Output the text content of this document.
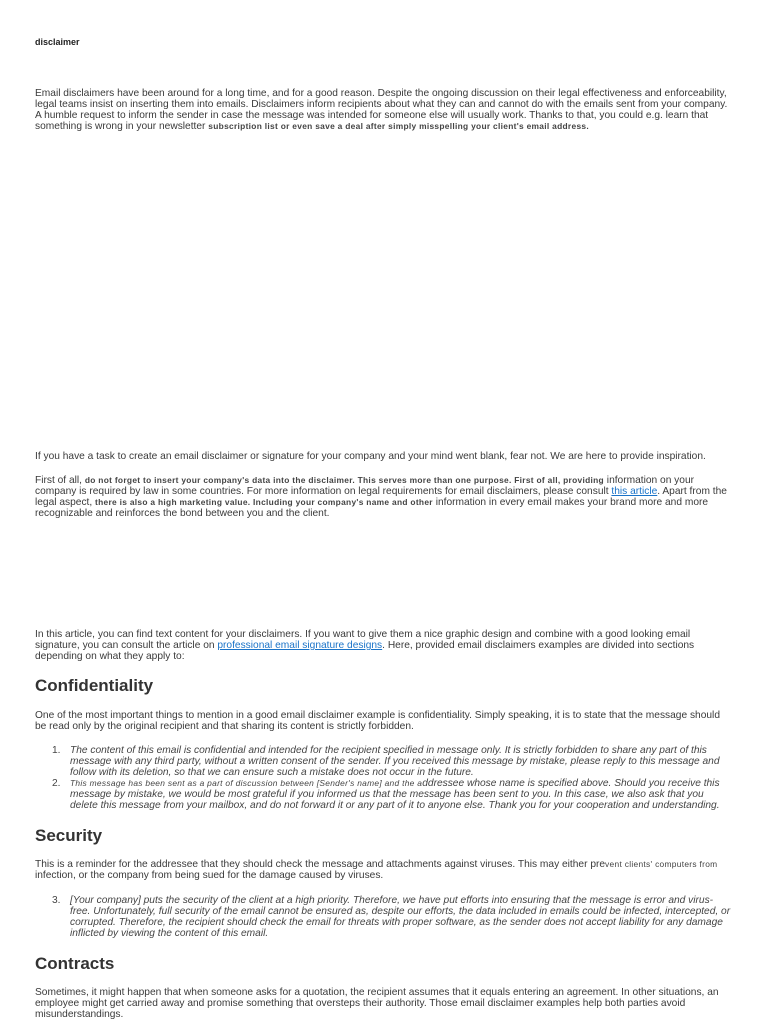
disclaimer

Email disclaimers have been around for a long time, and for a good reason. Despite the ongoing discussion on their legal effectiveness and enforceability, legal teams insist on inserting them into emails. Disclaimers inform recipients about what they can and cannot do with the emails sent from your company. A humble request to inform the sender in case the message was intended for someone else will usually work. Thanks to that, you could e.g. learn that something is wrong in your newsletter subscription list or even save a deal after simply misspelling your client's email address.

If you have a task to create an email disclaimer or signature for your company and your mind went blank, fear not. We are here to provide inspiration.

First of all, do not forget to insert your company's data into the disclaimer. This serves more than one purpose. First of all, providing information on your company is required by law in some countries. For more information on legal requirements for email disclaimers, please consult this article. Apart from the legal aspect, there is also a high marketing value. Including your company's name and other information in every email makes your brand more and more recognizable and reinforces the bond between you and the client.

In this article, you can find text content for your disclaimers. If you want to give them a nice graphic design and combine with a good looking email signature, you can consult the article on professional email signature designs. Here, provided email disclaimers examples are divided into sections depending on what they apply to:

Confidentiality

One of the most important things to mention in a good email disclaimer example is confidentiality. Simply speaking, it is to state that the message should be read only by the original recipient and that sharing its content is strictly forbidden.

1. The content of this email is confidential and intended for the recipient specified in message only. It is strictly forbidden to share any part of this message with any third party, without a written consent of the sender. If you received this message by mistake, please reply to this message and follow with its deletion, so that we can ensure such a mistake does not occur in the future.
2. This message has been sent as a part of discussion between [Sender's name] and the addressee whose name is specified above. Should you receive this message by mistake, we would be most grateful if you informed us that the message has been sent to you. In this case, we also ask that you delete this message from your mailbox, and do not forward it or any part of it to anyone else. Thank you for your cooperation and understanding.
Security

This is a reminder for the addressee that they should check the message and attachments against viruses. This may either prevent clients' computers from infection, or the company from being sued for the damage caused by viruses.

3. [Your company] puts the security of the client at a high priority. Therefore, we have put efforts into ensuring that the message is error and virus-free. Unfortunately, full security of the email cannot be ensured as, despite our efforts, the data included in emails could be infected, intercepted, or corrupted. Therefore, the recipient should check the email for threats with proper software, as the sender does not accept liability for any damage inflicted by viewing the content of this email.
Contracts

Sometimes, it might happen that when someone asks for a quotation, the recipient assumes that it equals entering an agreement. In other situations, an employee might get carried away and promise something that oversteps their authority. Those email disclaimer examples help both parties avoid misunderstandings.
